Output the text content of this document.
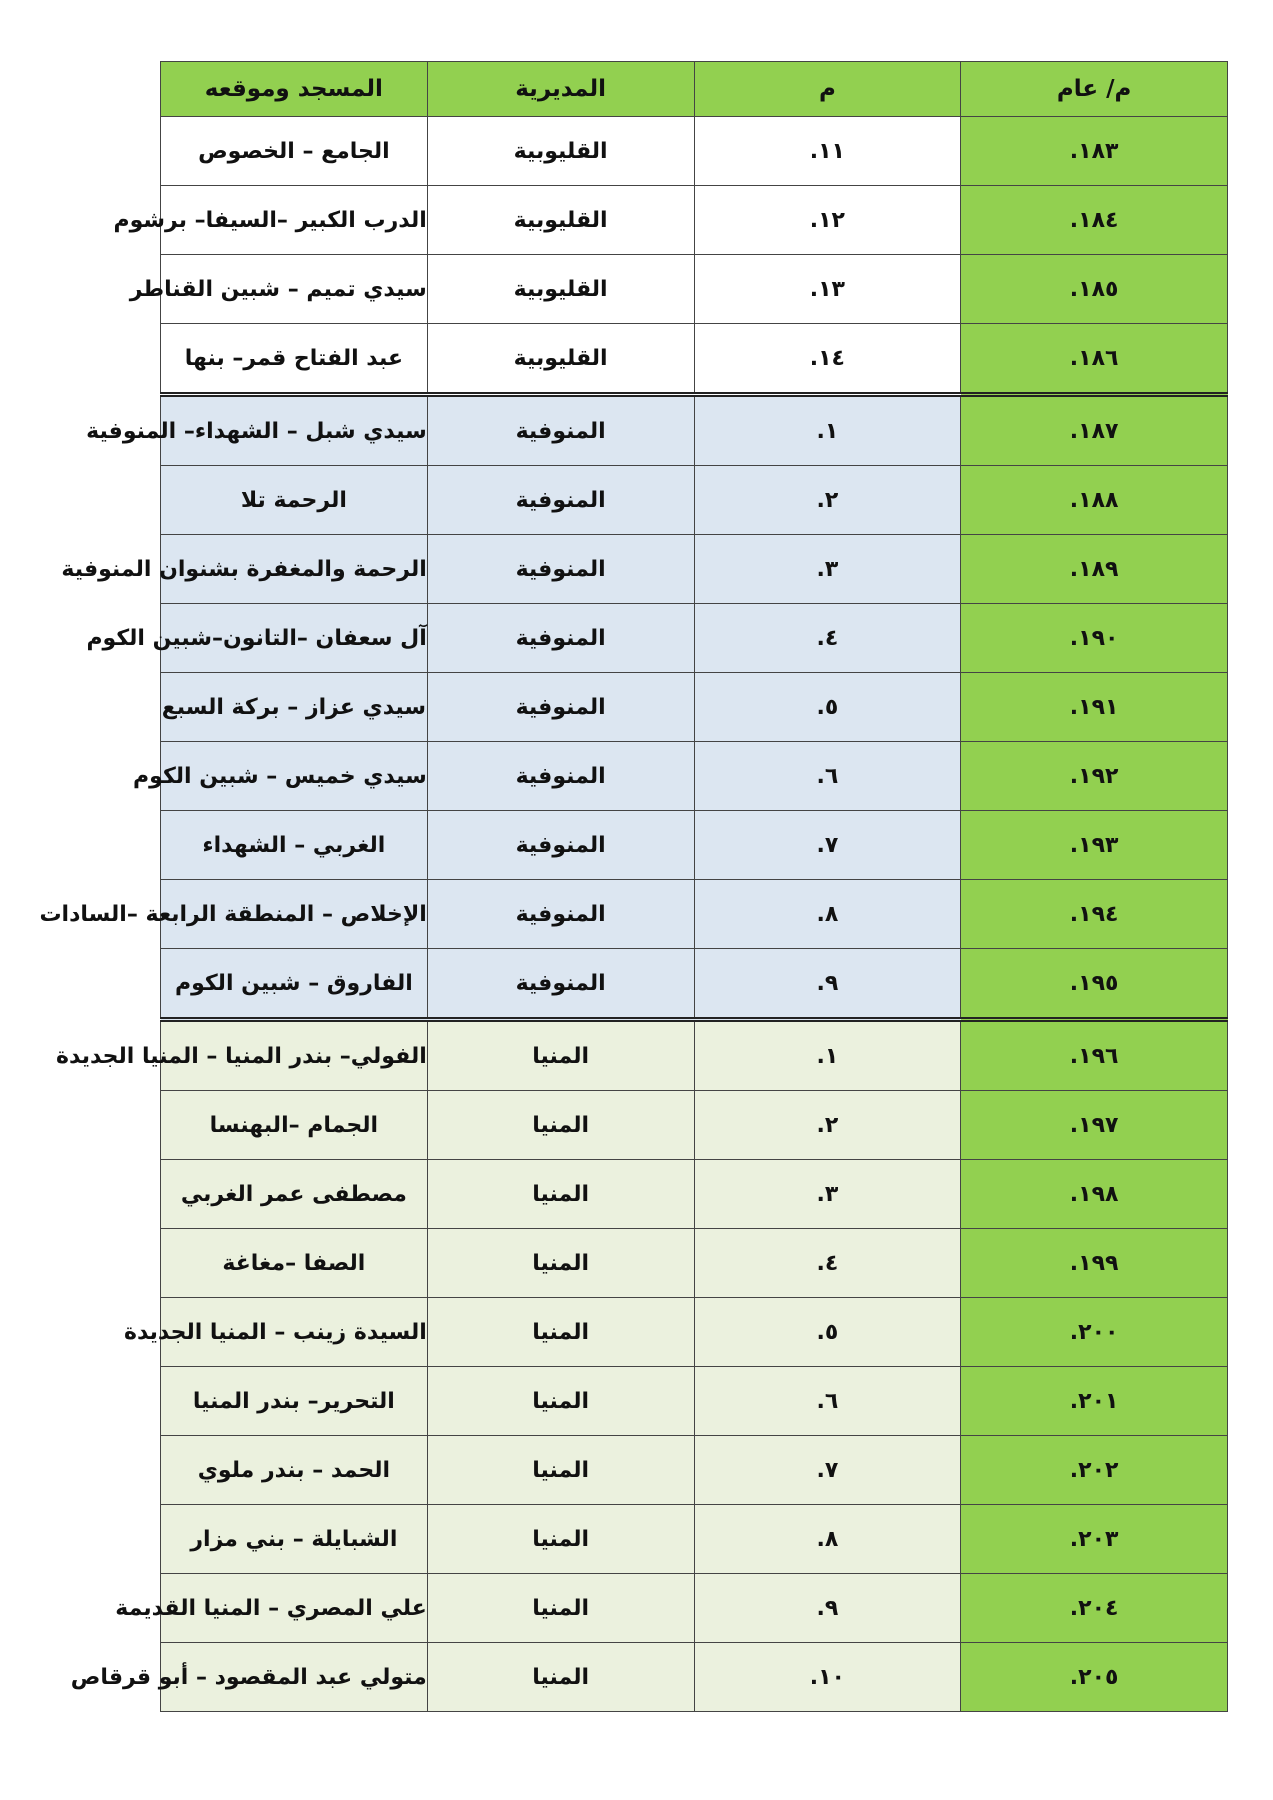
م/ عام	م	المديرية	المسجد وموقعه
١٨٣.	١١.	القليوبية	الجامع – الخصوص
١٨٤.	١٢.	القليوبية	الدرب الكبير –السيفا– برشوم
١٨٥.	١٣.	القليوبية	سيدي تميم – شبين القناطر
١٨٦.	١٤.	القليوبية	عبد الفتاح قمر– بنها
١٨٧.	١.	المنوفية	سيدي شبل – الشهداء– المنوفية
١٨٨.	٢.	المنوفية	الرحمة تلا
١٨٩.	٣.	المنوفية	الرحمة والمغفرة بشنوان المنوفية
١٩٠.	٤.	المنوفية	آل سعفان –التانون–شبين الكوم
١٩١.	٥.	المنوفية	سيدي عزاز – بركة السبع
١٩٢.	٦.	المنوفية	سيدي خميس – شبين الكوم
١٩٣.	٧.	المنوفية	الغربي – الشهداء
١٩٤.	٨.	المنوفية	الإخلاص – المنطقة الرابعة –السادات
١٩٥.	٩.	المنوفية	الفاروق – شبين الكوم
١٩٦.	١.	المنيا	الفولي– بندر المنيا – المنيا الجديدة
١٩٧.	٢.	المنيا	الجمام –البهنسا
١٩٨.	٣.	المنيا	مصطفى عمر الغربي
١٩٩.	٤.	المنيا	الصفا –مغاغة
٢٠٠.	٥.	المنيا	السيدة زينب – المنيا الجديدة
٢٠١.	٦.	المنيا	التحرير– بندر المنيا
٢٠٢.	٧.	المنيا	الحمد – بندر ملوي
٢٠٣.	٨.	المنيا	الشبايلة – بني مزار
٢٠٤.	٩.	المنيا	علي المصري – المنيا القديمة
٢٠٥.	١٠.	المنيا	متولي عبد المقصود – أبو قرقاص
